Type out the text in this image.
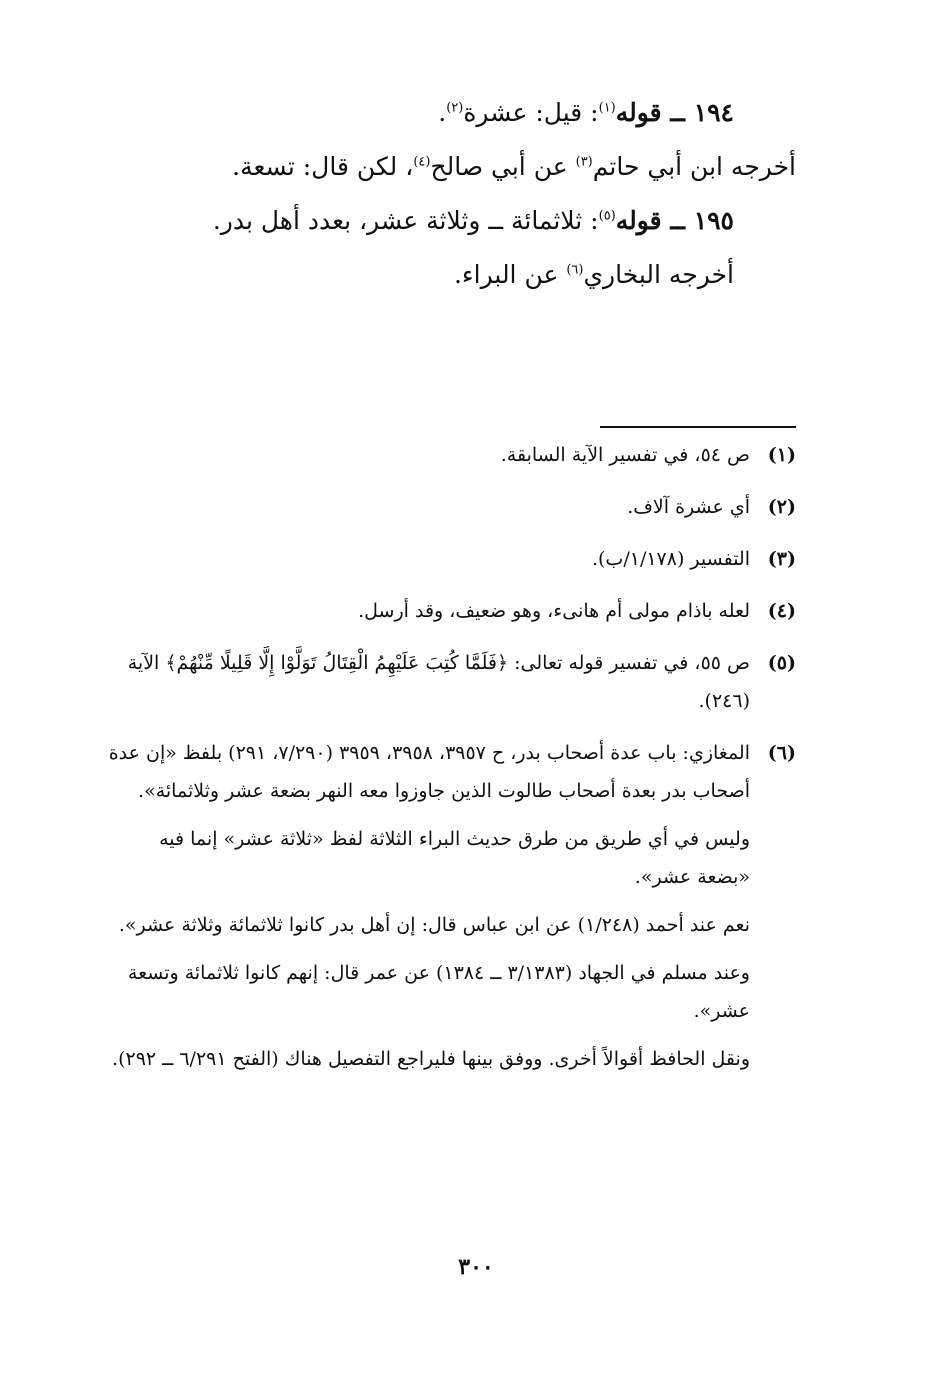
١٩٤ ــ قوله$^{(١)}$: قيل: عشرة$^{(٢)}$.

أخرجه ابن أبي حاتم$^{(٣)}$ عن أبي صالح$^{(٤)}$، لكن قال: تسعة.

١٩٥ ــ قوله$^{(٥)}$: ثلاثمائة ــ وثلاثة عشر، بعدد أهل بدر.

أخرجه البخاري$^{(٦)}$ عن البراء.

(١)

ص ٥٤، في تفسير الآية السابقة.

(٢)

أي عشرة آلاف.

(٣)

التفسير (١/١٧٨/ب).

(٤)

لعله باذام مولى أم هانىء، وهو ضعيف، وقد أرسل.

(٥)

ص ٥٥، في تفسير قوله تعالى: ﴿فَلَمَّا كُتِبَ عَلَيْهِمُ الْقِتَالُ تَوَلَّوْا إِلَّا قَلِيلًا مِّنْهُمْ﴾ الآية (٢٤٦).

(٦)

المغازي: باب عدة أصحاب بدر، ح ٣٩٥٧، ٣٩٥٨، ٣٩٥٩ (٧/٢٩٠، ٢٩١) بلفظ «إن عدة أصحاب بدر بعدة أصحاب طالوت الذين جاوزوا معه النهر بضعة عشر وثلاثمائة».

وليس في أي طريق من طرق حديث البراء الثلاثة لفظ «ثلاثة عشر» إنما فيه «بضعة عشر».

نعم عند أحمد (١/٢٤٨) عن ابن عباس قال: إن أهل بدر كانوا ثلاثمائة وثلاثة عشر».

وعند مسلم في الجهاد (٣/١٣٨٣ ــ ١٣٨٤) عن عمر قال: إنهم كانوا ثلاثمائة وتسعة عشر».

ونقل الحافظ أقوالاً أخرى. ووفق بينها فليراجع التفصيل هناك (الفتح ٦/٢٩١ ــ ٢٩٢).

٣٠٠
